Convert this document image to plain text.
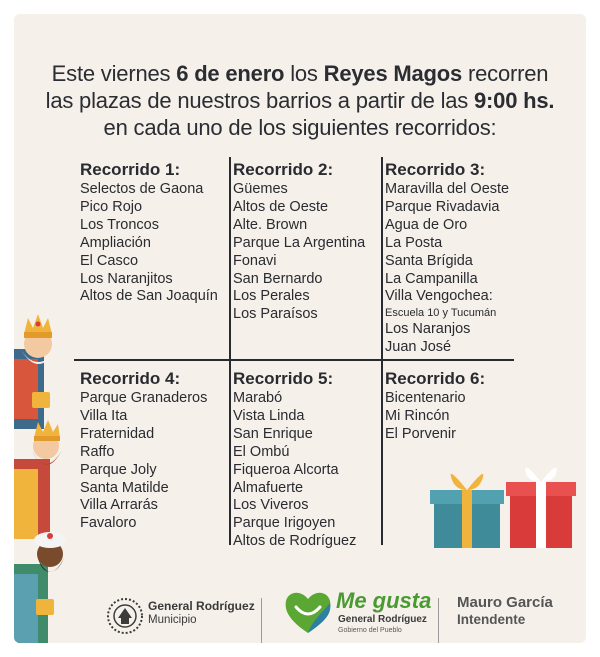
Este viernes 6 de enero los Reyes Magos recorren
las plazas de nuestros barrios a partir de las 9:00 hs.
en cada uno de los siguientes recorridos:
Recorrido 1:
Selectos de Gaona
Pico Rojo
Los Troncos
Ampliación
El Casco
Los Naranjitos
Altos de San Joaquín
Recorrido 2:
Güemes
Altos de Oeste
Alte. Brown
Parque La Argentina
Fonavi
San Bernardo
Los Perales
Los Paraísos
Recorrido 3:
Maravilla del Oeste
Parque Rivadavia
Agua de Oro
La Posta
Santa Brígida
La Campanilla
Villa Vengochea:
Escuela 10 y Tucumán
Los Naranjos
Juan José
Recorrido 4:
Parque Granaderos
Villa Ita
Fraternidad
Raffo
Parque Joly
Santa Matilde
Villa Arrarás
Favaloro
Recorrido 5:
Marabó
Vista Linda
San Enrique
El Ombú
Fiqueroa Alcorta
Almafuerte
Los Viveros
Parque Irigoyen
Altos de Rodríguez
Recorrido 6:
Bicentenario
Mi Rincón
El Porvenir
General Rodríguez
Municipio
Me gusta
General Rodríguez
Gobierno del Pueblo
Mauro García
Intendente
